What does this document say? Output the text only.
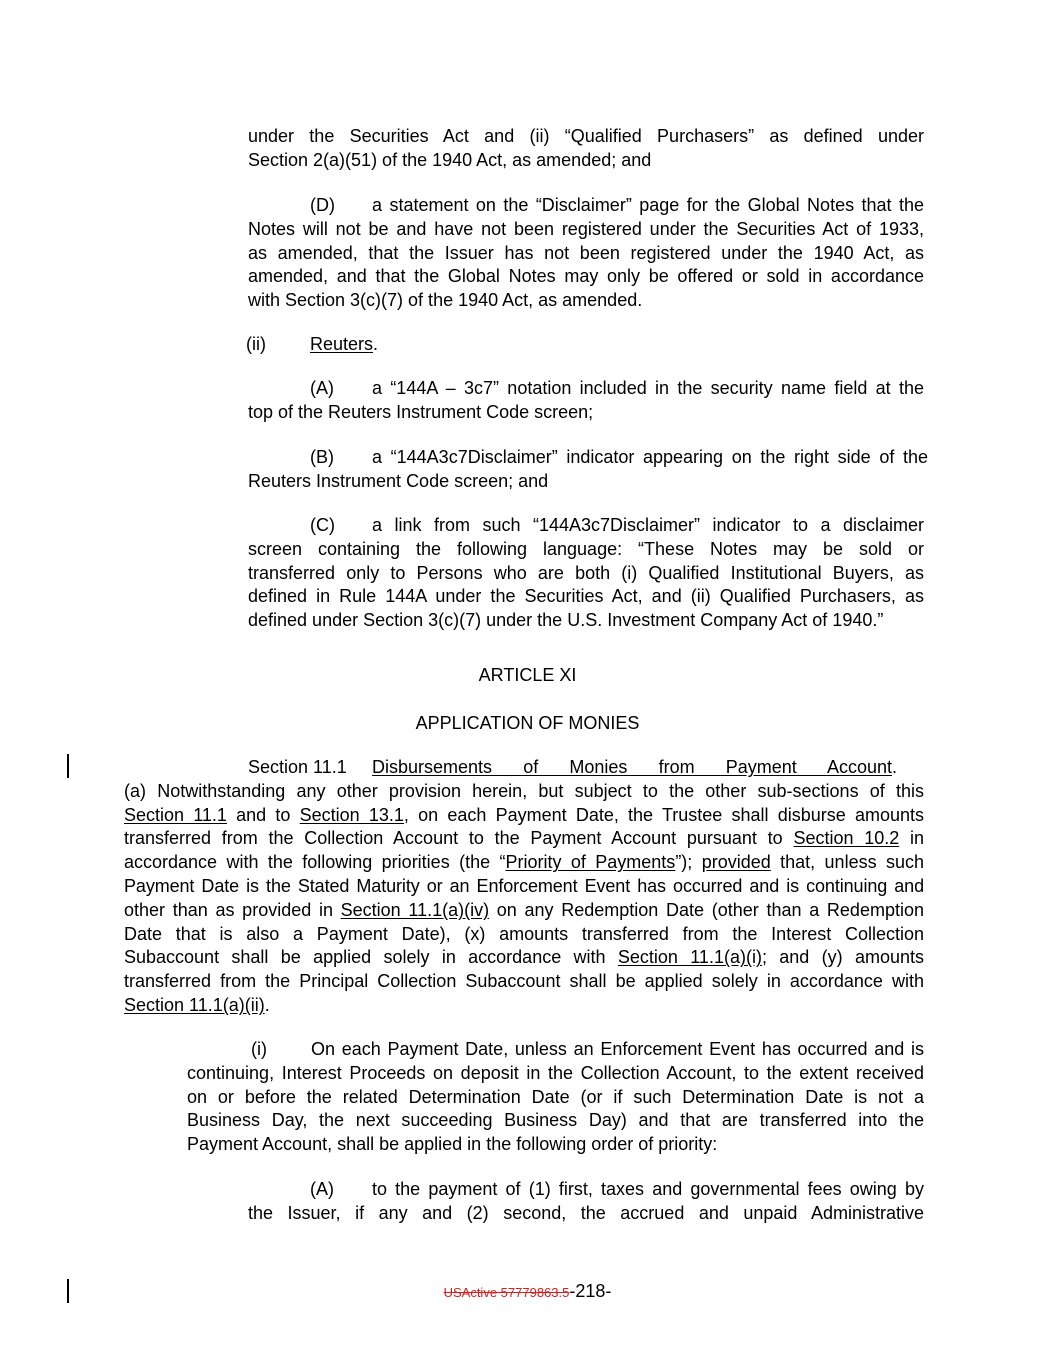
under the Securities Act and (ii) “Qualified Purchasers” as defined under
Section 2(a)(51) of the 1940 Act, as amended; and
(D) a statement on the “Disclaimer” page for the Global Notes that the
Notes will not be and have not been registered under the Securities Act of 1933,
as amended, that the Issuer has not been registered under the 1940 Act, as
amended, and that the Global Notes may only be offered or sold in accordance
with Section 3(c)(7) of the 1940 Act, as amended.
(ii) Reuters.
(A) a “144A – 3c7” notation included in the security name field at the
top of the Reuters Instrument Code screen;
(B) a “144A3c7Disclaimer” indicator appearing on the right side of the
Reuters Instrument Code screen; and
(C) a link from such “144A3c7Disclaimer” indicator to a disclaimer
screen containing the following language: “These Notes may be sold or
transferred only to Persons who are both (i) Qualified Institutional Buyers, as
defined in Rule 144A under the Securities Act, and (ii) Qualified Purchasers, as
defined under Section 3(c)(7) under the U.S. Investment Company Act of 1940.”
ARTICLE XI
APPLICATION OF MONIES
Section 11.1 Disbursements of Monies from Payment Account.
(a) Notwithstanding any other provision herein, but subject to the other sub-sections of this
Section 11.1 and to Section 13.1, on each Payment Date, the Trustee shall disburse amounts
transferred from the Collection Account to the Payment Account pursuant to Section 10.2 in
accordance with the following priorities (the “Priority of Payments”); provided that, unless such
Payment Date is the Stated Maturity or an Enforcement Event has occurred and is continuing and
other than as provided in Section 11.1(a)(iv) on any Redemption Date (other than a Redemption
Date that is also a Payment Date), (x) amounts transferred from the Interest Collection
Subaccount shall be applied solely in accordance with Section 11.1(a)(i); and (y) amounts
transferred from the Principal Collection Subaccount shall be applied solely in accordance with
Section 11.1(a)(ii).
(i) On each Payment Date, unless an Enforcement Event has occurred and is
continuing, Interest Proceeds on deposit in the Collection Account, to the extent received
on or before the related Determination Date (or if such Determination Date is not a
Business Day, the next succeeding Business Day) and that are transferred into the
Payment Account, shall be applied in the following order of priority:
(A) to the payment of (1) first, taxes and governmental fees owing by
the Issuer, if any and (2) second, the accrued and unpaid Administrative
USActive 57779863.5-218-
